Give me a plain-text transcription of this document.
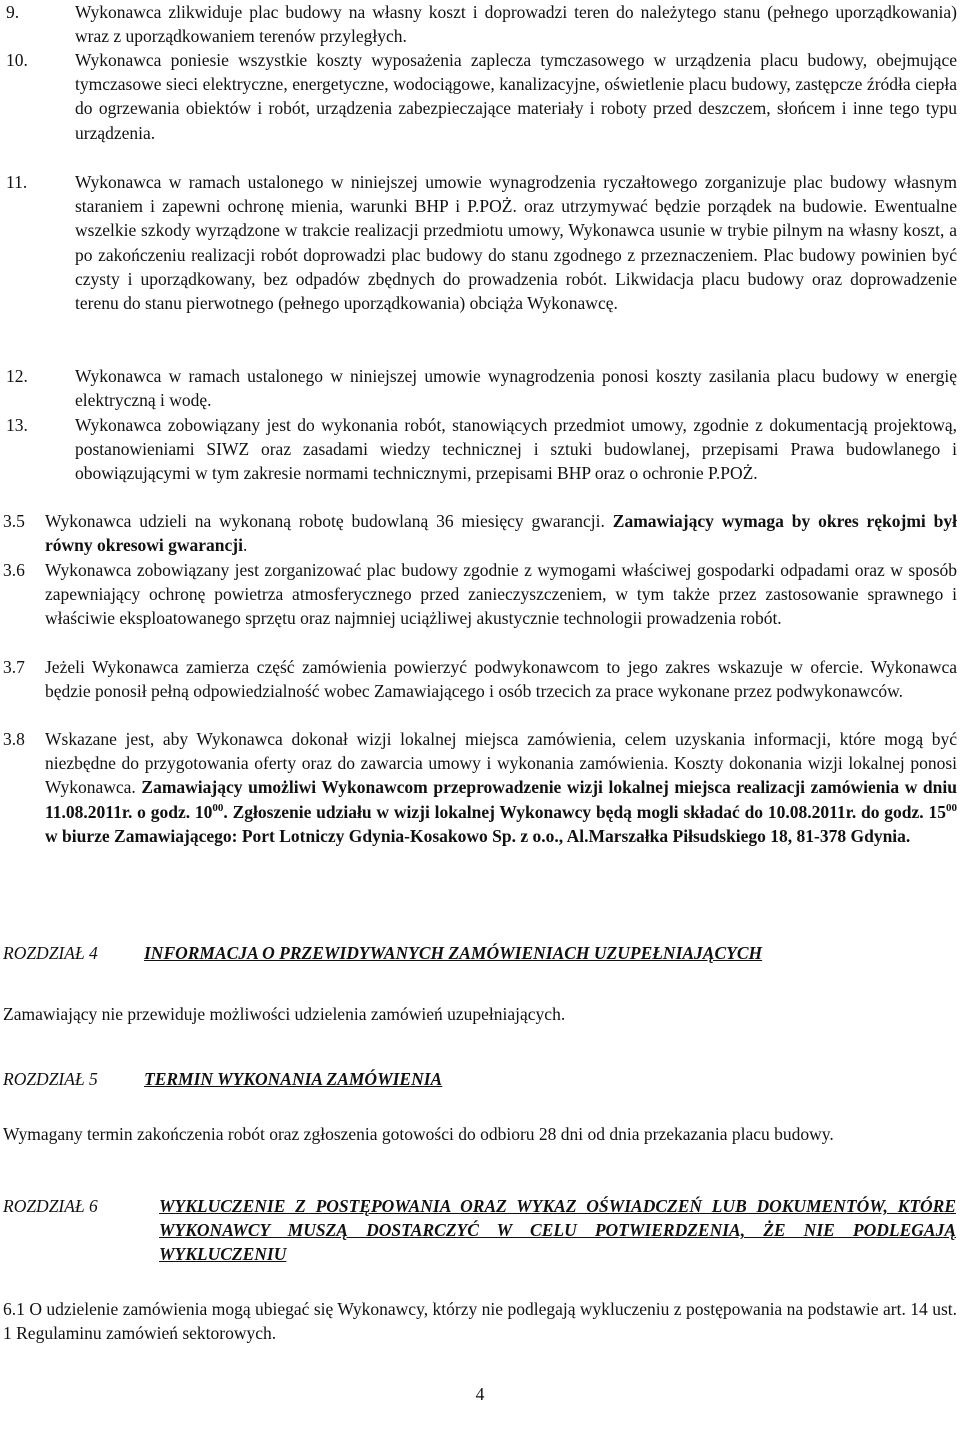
9.	Wykonawca zlikwiduje plac budowy na własny koszt i doprowadzi teren do należytego stanu (pełnego uporządkowania) wraz z uporządkowaniem terenów przyległych.

10.	Wykonawca poniesie wszystkie koszty wyposażenia zaplecza tymczasowego w urządzenia placu budowy, obejmujące tymczasowe sieci elektryczne, energetyczne, wodociągowe, kanalizacyjne, oświetlenie placu budowy, zastępcze źródła ciepła do ogrzewania obiektów i robót, urządzenia zabezpieczające materiały i roboty przed deszczem, słońcem i inne tego typu urządzenia.

11.	Wykonawca w ramach ustalonego w niniejszej umowie wynagrodzenia ryczałtowego zorganizuje plac budowy własnym staraniem i zapewni ochronę mienia, warunki BHP i P.POŻ. oraz utrzymywać będzie porządek na budowie. Ewentualne wszelkie szkody wyrządzone w trakcie realizacji przedmiotu umowy, Wykonawca usunie w trybie pilnym na własny koszt, a po zakończeniu realizacji robót doprowadzi plac budowy do stanu zgodnego z przeznaczeniem. Plac budowy powinien być czysty i uporządkowany, bez odpadów zbędnych do prowadzenia robót. Likwidacja placu budowy oraz doprowadzenie terenu do stanu pierwotnego (pełnego uporządkowania) obciąża Wykonawcę.

12.	Wykonawca w ramach ustalonego w niniejszej umowie wynagrodzenia ponosi koszty zasilania placu budowy w energię elektryczną i wodę.

13.	Wykonawca zobowiązany jest do wykonania robót, stanowiących przedmiot umowy, zgodnie z dokumentacją projektową, postanowieniami SIWZ oraz zasadami wiedzy technicznej i sztuki budowlanej, przepisami Prawa budowlanego i obowiązującymi w tym zakresie normami technicznymi, przepisami BHP oraz o ochronie P.POŻ.

3.5	Wykonawca udzieli na wykonaną robotę budowlaną 36 miesięcy gwarancji. Zamawiający wymaga by okres rękojmi był równy okresowi gwarancji.

3.6	Wykonawca zobowiązany jest zorganizować plac budowy zgodnie z wymogami właściwej gospodarki odpadami oraz w sposób zapewniający ochronę powietrza atmosferycznego przed zanieczyszczeniem, w tym także przez zastosowanie sprawnego i właściwie eksploatowanego sprzętu oraz najmniej uciążliwej akustycznie technologii prowadzenia robót.

3.7	Jeżeli Wykonawca zamierza część zamówienia powierzyć podwykonawcom to jego zakres wskazuje w ofercie. Wykonawca będzie ponosił pełną odpowiedzialność wobec Zamawiającego i osób trzecich za prace wykonane przez podwykonawców.

3.8	Wskazane jest, aby Wykonawca dokonał wizji lokalnej miejsca zamówienia, celem uzyskania informacji, które mogą być niezbędne do przygotowania oferty oraz do zawarcia umowy i wykonania zamówienia. Koszty dokonania wizji lokalnej ponosi Wykonawca. Zamawiający umożliwi Wykonawcom przeprowadzenie wizji lokalnej miejsca realizacji zamówienia w dniu 11.08.2011r. o godz. $10^{00}$. Zgłoszenie udziału w wizji lokalnej Wykonawcy będą mogli składać do 10.08.2011r. do godz. $15^{00}$ w biurze Zamawiającego: Port Lotniczy Gdynia-Kosakowo Sp. z o.o., Al.Marszałka Piłsudskiego 18, 81-378 Gdynia.

ROZDZIAŁ 4	INFORMACJA O PRZEWIDYWANYCH ZAMÓWIENIACH UZUPEŁNIAJĄCYCH

Zamawiający nie przewiduje możliwości udzielenia zamówień uzupełniających.

ROZDZIAŁ 5	TERMIN WYKONANIA ZAMÓWIENIA

Wymagany termin zakończenia robót oraz zgłoszenia gotowości do odbioru 28 dni od dnia przekazania placu budowy.

ROZDZIAŁ 6	WYKLUCZENIE Z POSTĘPOWANIA ORAZ WYKAZ OŚWIADCZEŃ LUB DOKUMENTÓW, KTÓRE WYKONAWCY MUSZĄ DOSTARCZYĆ W CELU POTWIERDZENIA, ŻE NIE PODLEGAJĄ WYKLUCZENIU

6.1 O udzielenie zamówienia mogą ubiegać się Wykonawcy, którzy nie podlegają wykluczeniu z postępowania na podstawie art. 14 ust. 1 Regulaminu zamówień sektorowych.

4
